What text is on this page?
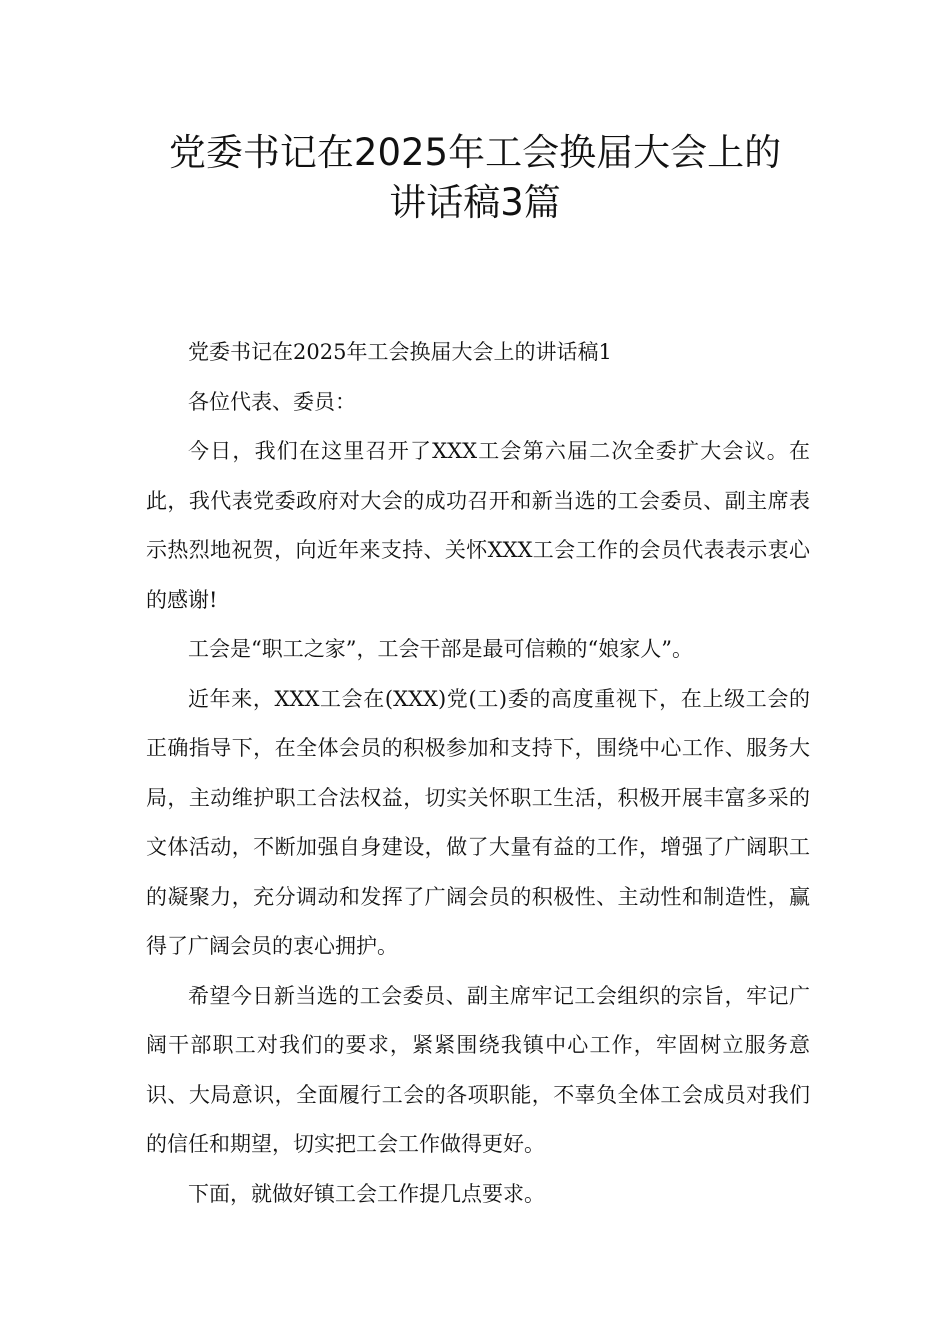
党委书记在2025年工会换届大会上的
讲话稿3篇

党委书记在2025年工会换届大会上的讲话稿1

各位代表、委员：

今日，我们在这里召开了XXX工会第六届二次全委扩大会议。在此，我代表党委政府对大会的成功召开和新当选的工会委员、副主席表示热烈地祝贺，向近年来支持、关怀XXX工会工作的会员代表表示衷心的感谢!

工会是“职工之家”，工会干部是最可信赖的“娘家人”。

近年来，XXX工会在(XXX)党(工)委的高度重视下，在上级工会的正确指导下，在全体会员的积极参加和支持下，围绕中心工作、服务大局，主动维护职工合法权益，切实关怀职工生活，积极开展丰富多采的文体活动，不断加强自身建设，做了大量有益的工作，增强了广阔职工的凝聚力，充分调动和发挥了广阔会员的积极性、主动性和制造性，赢得了广阔会员的衷心拥护。

希望今日新当选的工会委员、副主席牢记工会组织的宗旨，牢记广阔干部职工对我们的要求，紧紧围绕我镇中心工作，牢固树立服务意识、大局意识，全面履行工会的各项职能，不辜负全体工会成员对我们的信任和期望，切实把工会工作做得更好。

下面，就做好镇工会工作提几点要求。
